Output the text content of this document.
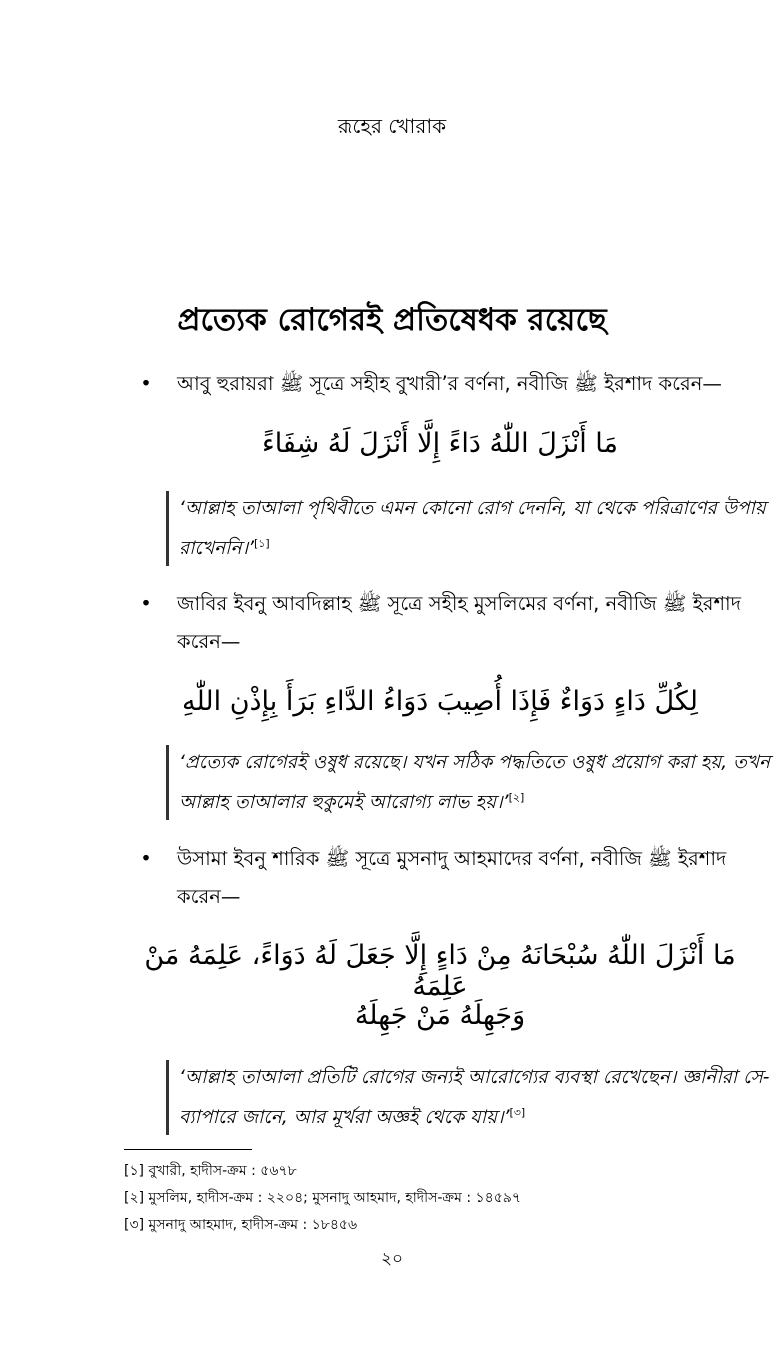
রূহের খোরাক
প্রত্যেক রোগেরই প্রতিষেধক রয়েছে
• আবু হুরায়রা ﷺ সূত্রে সহীহ বুখারী’র বর্ণনা, নবীজি ﷺ ইরশাদ করেন—
مَا أَنْزَلَ اللّٰهُ دَاءً إِلَّا أَنْزَلَ لَهُ شِفَاءً
‘আল্লাহ তাআলা পৃথিবীতে এমন কোনো রোগ দেননি, যা থেকে পরিত্রাণের উপায় রাখেননি।’[১]
• জাবির ইবনু আবদিল্লাহ ﷺ সূত্রে সহীহ মুসলিমের বর্ণনা, নবীজি ﷺ ইরশাদ করেন—
لِكُلِّ دَاءٍ دَوَاءٌ فَإِذَا أُصِيبَ دَوَاءُ الدَّاءِ بَرَأَ بِإِذْنِ اللّٰهِ
‘প্রত্যেক রোগেরই ওষুধ রয়েছে। যখন সঠিক পদ্ধতিতে ওষুধ প্রয়োগ করা হয়, তখন আল্লাহ তাআলার হুকুমেই আরোগ্য লাভ হয়।’[২]
• উসামা ইবনু শারিক ﷺ সূত্রে মুসনাদু আহমাদের বর্ণনা, নবীজি ﷺ ইরশাদ করেন—
مَا أَنْزَلَ اللّٰهُ سُبْحَانَهُ مِنْ دَاءٍ إِلَّا جَعَلَ لَهُ دَوَاءً، عَلِمَهُ مَنْ عَلِمَهُ
وَجَهِلَهُ مَنْ جَهِلَهُ
‘আল্লাহ তাআলা প্রতিটি রোগের জন্যই আরোগ্যের ব্যবস্থা রেখেছেন। জ্ঞানীরা সে-ব্যাপারে জানে, আর মূর্খরা অজ্ঞই থেকে যায়।’[৩]
[১] বুখারী, হাদীস-ক্রম : ৫৬৭৮
[২] মুসলিম, হাদীস-ক্রম : ২২০৪; মুসনাদু আহমাদ, হাদীস-ক্রম : ১৪৫৯৭
[৩] মুসনাদু আহমাদ, হাদীস-ক্রম : ১৮৪৫৬
২০
